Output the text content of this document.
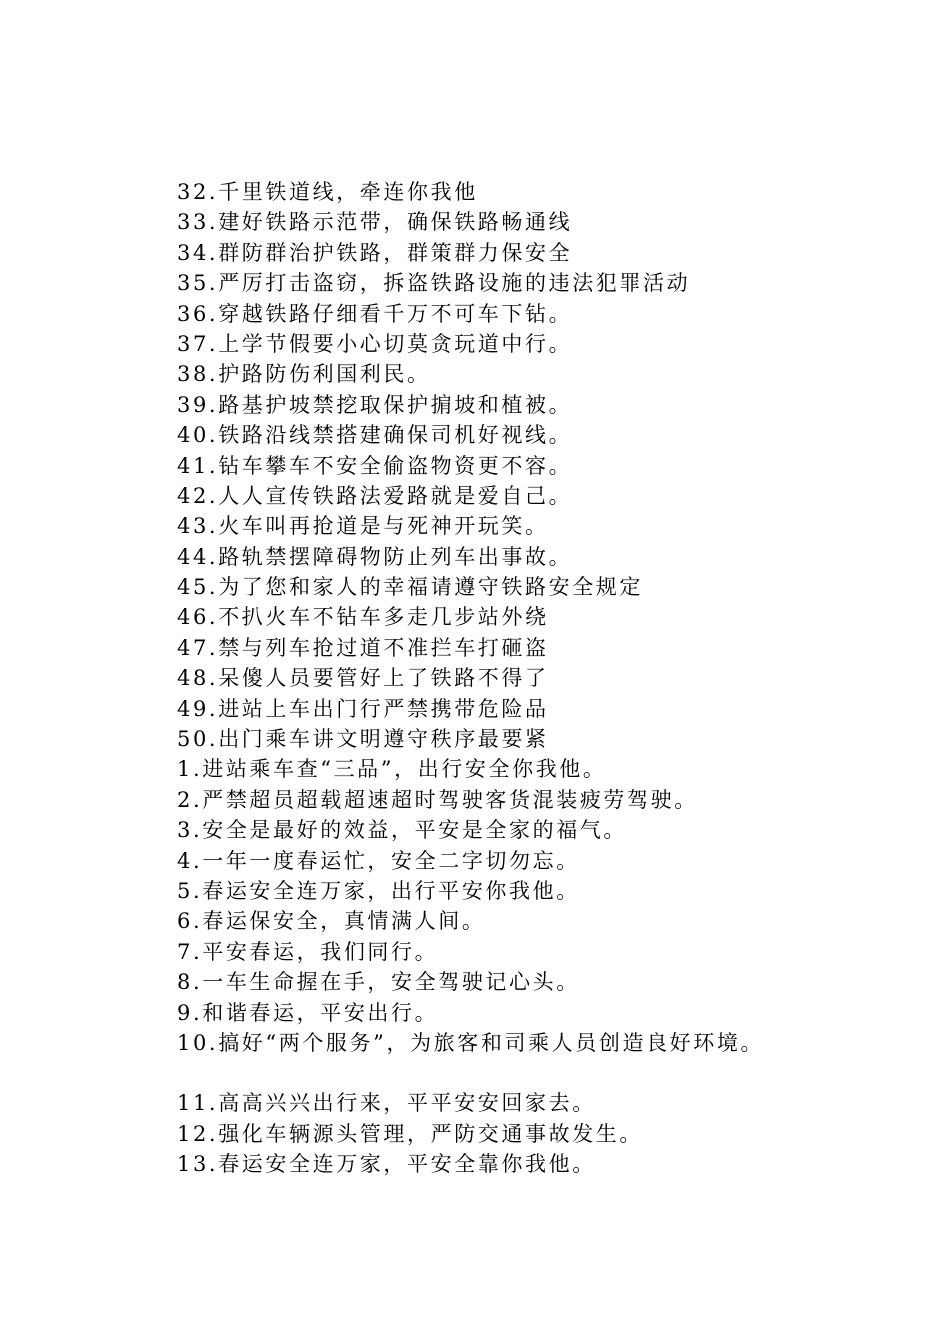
32.千里铁道线，牵连你我他
33.建好铁路示范带，确保铁路畅通线
34.群防群治护铁路，群策群力保安全
35.严厉打击盗窃，拆盗铁路设施的违法犯罪活动
36.穿越铁路仔细看千万不可车下钻。
37.上学节假要小心切莫贪玩道中行。
38.护路防伤利国利民。
39.路基护坡禁挖取保护掮坡和植被。
40.铁路沿线禁搭建确保司机好视线。
41.钻车攀车不安全偷盗物资更不容。
42.人人宣传铁路法爱路就是爱自己。
43.火车叫再抢道是与死神开玩笑。
44.路轨禁摆障碍物防止列车出事故。
45.为了您和家人的幸福请遵守铁路安全规定
46.不扒火车不钻车多走几步站外绕
47.禁与列车抢过道不准拦车打砸盗
48.呆傻人员要管好上了铁路不得了
49.进站上车出门行严禁携带危险品
50.出门乘车讲文明遵守秩序最要紧
1.进站乘车查“三品”，出行安全你我他。
2.严禁超员超载超速超时驾驶客货混装疲劳驾驶。
3.安全是最好的效益，平安是全家的福气。
4.一年一度春运忙，安全二字切勿忘。
5.春运安全连万家，出行平安你我他。
6.春运保安全，真情满人间。
7.平安春运，我们同行。
8.一车生命握在手，安全驾驶记心头。
9.和谐春运，平安出行。
10.搞好“两个服务”，为旅客和司乘人员创造良好环境。
11.高高兴兴出行来，平平安安回家去。
12.强化车辆源头管理，严防交通事故发生。
13.春运安全连万家，平安全靠你我他。
